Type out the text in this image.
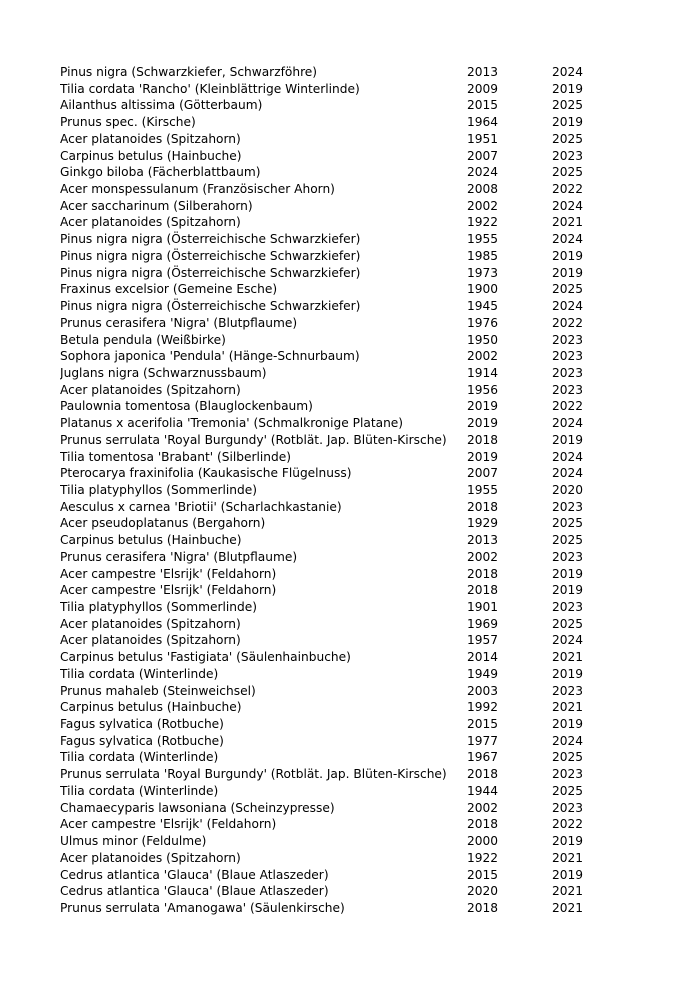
Pinus nigra (Schwarzkiefer, Schwarzföhre)	2013	2024
Tilia cordata 'Rancho' (Kleinblättrige Winterlinde)	2009	2019
Ailanthus altissima (Götterbaum)	2015	2025
Prunus spec. (Kirsche)	1964	2019
Acer platanoides (Spitzahorn)	1951	2025
Carpinus betulus (Hainbuche)	2007	2023
Ginkgo biloba (Fächerblattbaum)	2024	2025
Acer monspessulanum (Französischer Ahorn)	2008	2022
Acer saccharinum (Silberahorn)	2002	2024
Acer platanoides (Spitzahorn)	1922	2021
Pinus nigra nigra (Österreichische Schwarzkiefer)	1955	2024
Pinus nigra nigra (Österreichische Schwarzkiefer)	1985	2019
Pinus nigra nigra (Österreichische Schwarzkiefer)	1973	2019
Fraxinus excelsior (Gemeine Esche)	1900	2025
Pinus nigra nigra (Österreichische Schwarzkiefer)	1945	2024
Prunus cerasifera 'Nigra' (Blutpflaume)	1976	2022
Betula pendula (Weißbirke)	1950	2023
Sophora japonica 'Pendula' (Hänge-Schnurbaum)	2002	2023
Juglans nigra (Schwarznussbaum)	1914	2023
Acer platanoides (Spitzahorn)	1956	2023
Paulownia tomentosa (Blauglockenbaum)	2019	2022
Platanus x acerifolia 'Tremonia' (Schmalkronige Platane)	2019	2024
Prunus serrulata 'Royal Burgundy' (Rotblät. Jap. Blüten-Kirsche)	2018	2019
Tilia tomentosa 'Brabant' (Silberlinde)	2019	2024
Pterocarya fraxinifolia (Kaukasische Flügelnuss)	2007	2024
Tilia platyphyllos (Sommerlinde)	1955	2020
Aesculus x carnea 'Briotii' (Scharlachkastanie)	2018	2023
Acer pseudoplatanus (Bergahorn)	1929	2025
Carpinus betulus (Hainbuche)	2013	2025
Prunus cerasifera 'Nigra' (Blutpflaume)	2002	2023
Acer campestre 'Elsrijk' (Feldahorn)	2018	2019
Acer campestre 'Elsrijk' (Feldahorn)	2018	2019
Tilia platyphyllos (Sommerlinde)	1901	2023
Acer platanoides (Spitzahorn)	1969	2025
Acer platanoides (Spitzahorn)	1957	2024
Carpinus betulus 'Fastigiata' (Säulenhainbuche)	2014	2021
Tilia cordata (Winterlinde)	1949	2019
Prunus mahaleb (Steinweichsel)	2003	2023
Carpinus betulus (Hainbuche)	1992	2021
Fagus sylvatica (Rotbuche)	2015	2019
Fagus sylvatica (Rotbuche)	1977	2024
Tilia cordata (Winterlinde)	1967	2025
Prunus serrulata 'Royal Burgundy' (Rotblät. Jap. Blüten-Kirsche)	2018	2023
Tilia cordata (Winterlinde)	1944	2025
Chamaecyparis lawsoniana (Scheinzypresse)	2002	2023
Acer campestre 'Elsrijk' (Feldahorn)	2018	2022
Ulmus minor (Feldulme)	2000	2019
Acer platanoides (Spitzahorn)	1922	2021
Cedrus atlantica 'Glauca' (Blaue Atlaszeder)	2015	2019
Cedrus atlantica 'Glauca' (Blaue Atlaszeder)	2020	2021
Prunus serrulata 'Amanogawa' (Säulenkirsche)	2018	2021
